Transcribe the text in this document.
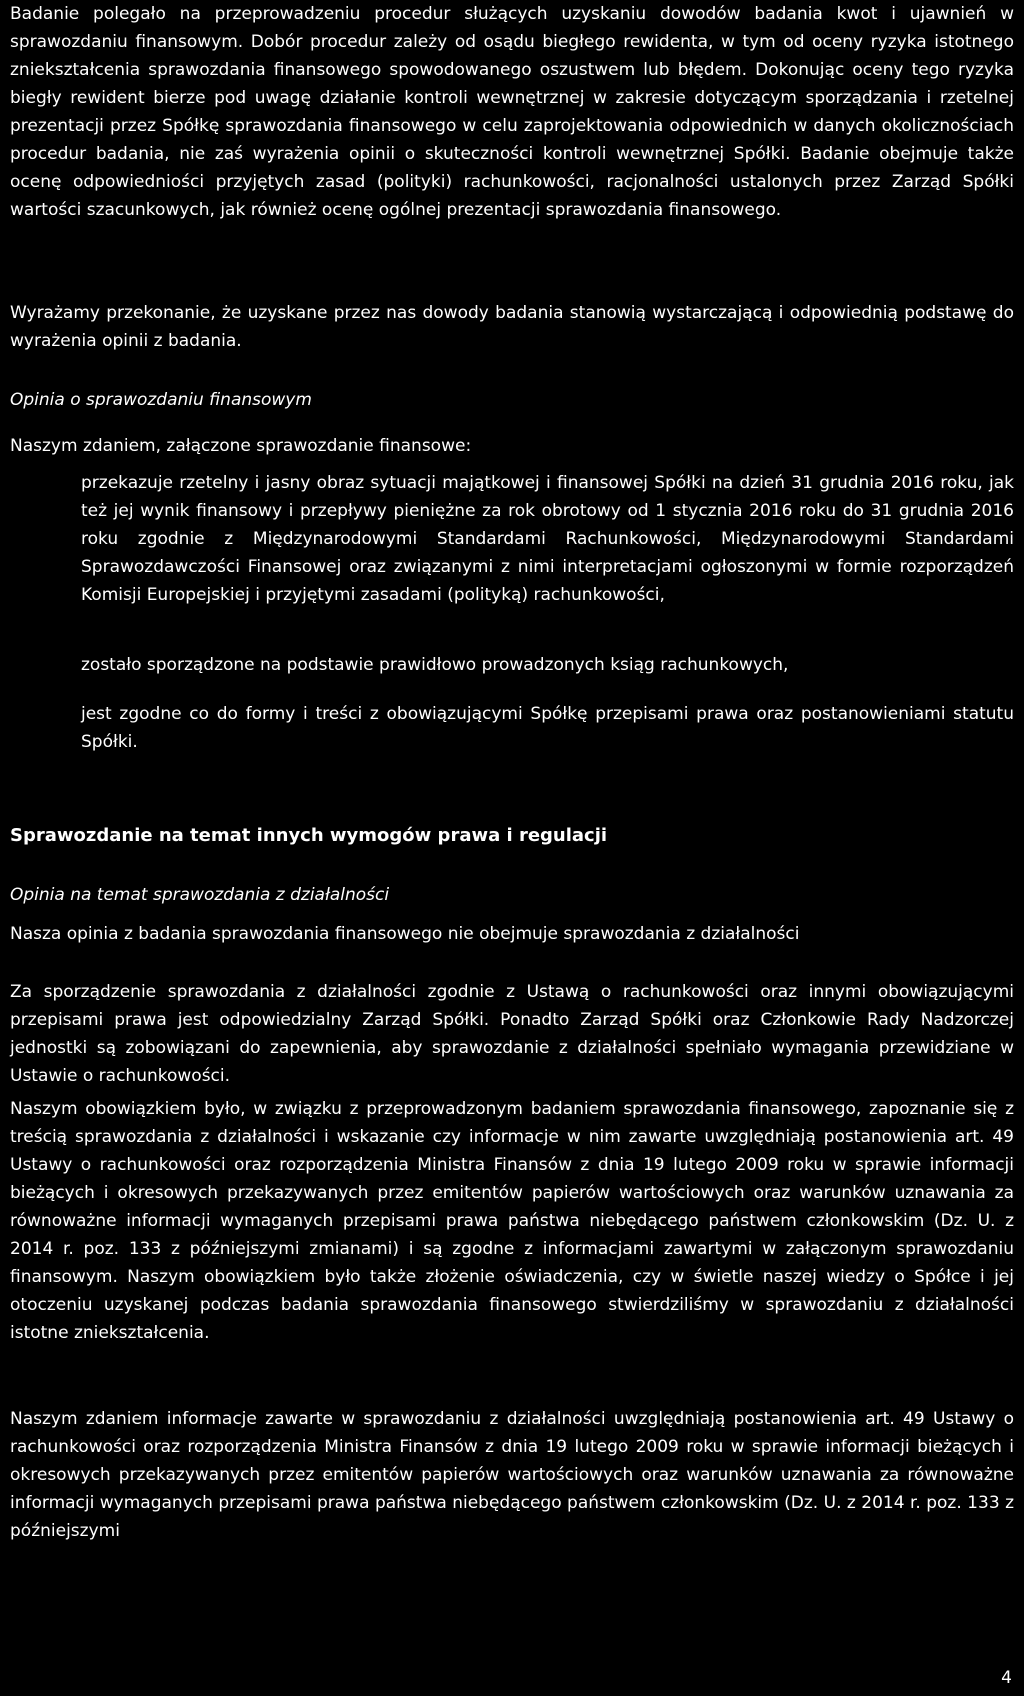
Badanie polegało na przeprowadzeniu procedur służących uzyskaniu dowodów badania kwot i ujawnień w sprawozdaniu finansowym. Dobór procedur zależy od osądu biegłego rewidenta, w tym od oceny ryzyka istotnego zniekształcenia sprawozdania finansowego spowodowanego oszustwem lub błędem. Dokonując oceny tego ryzyka biegły rewident bierze pod uwagę działanie kontroli wewnętrznej w zakresie dotyczącym sporządzania i rzetelnej prezentacji przez Spółkę sprawozdania finansowego w celu zaprojektowania odpowiednich w danych okolicznościach procedur badania, nie zaś wyrażenia opinii o skuteczności kontroli wewnętrznej Spółki. Badanie obejmuje także ocenę odpowiedniości przyjętych zasad (polityki) rachunkowości, racjonalności ustalonych przez Zarząd Spółki wartości szacunkowych, jak również ocenę ogólnej prezentacji sprawozdania finansowego.

Wyrażamy przekonanie, że uzyskane przez nas dowody badania stanowią wystarczającą i odpowiednią podstawę do wyrażenia opinii z badania.

Opinia o sprawozdaniu finansowym

Naszym zdaniem, załączone sprawozdanie finansowe:

przekazuje rzetelny i jasny obraz sytuacji majątkowej i finansowej Spółki na dzień 31 grudnia 2016 roku, jak też jej wynik finansowy i przepływy pieniężne za rok obrotowy od 1 stycznia 2016 roku do 31 grudnia 2016 roku zgodnie z Międzynarodowymi Standardami Rachunkowości, Międzynarodowymi Standardami Sprawozdawczości Finansowej oraz związanymi z nimi interpretacjami ogłoszonymi w formie rozporządzeń Komisji Europejskiej i przyjętymi zasadami (polityką) rachunkowości,

zostało sporządzone na podstawie prawidłowo prowadzonych ksiąg rachunkowych,

jest zgodne co do formy i treści z obowiązującymi Spółkę przepisami prawa oraz postanowieniami statutu Spółki.

Sprawozdanie na temat innych wymogów prawa i regulacji

Opinia na temat sprawozdania z działalności

Nasza opinia z badania sprawozdania finansowego nie obejmuje sprawozdania z działalności

Za sporządzenie sprawozdania z działalności zgodnie z Ustawą o rachunkowości oraz innymi obowiązującymi przepisami prawa jest odpowiedzialny Zarząd Spółki. Ponadto Zarząd Spółki oraz Członkowie Rady Nadzorczej jednostki są zobowiązani do zapewnienia, aby sprawozdanie z działalności spełniało wymagania przewidziane w Ustawie o rachunkowości.

Naszym obowiązkiem było, w związku z przeprowadzonym badaniem sprawozdania finansowego, zapoznanie się z treścią sprawozdania z działalności i wskazanie czy informacje w nim zawarte uwzględniają postanowienia art. 49 Ustawy o rachunkowości oraz rozporządzenia Ministra Finansów z dnia 19 lutego 2009 roku w sprawie informacji bieżących i okresowych przekazywanych przez emitentów papierów wartościowych oraz warunków uznawania za równoważne informacji wymaganych przepisami prawa państwa niebędącego państwem członkowskim (Dz. U. z 2014 r. poz. 133 z późniejszymi zmianami) i są zgodne z informacjami zawartymi w załączonym sprawozdaniu finansowym. Naszym obowiązkiem było także złożenie oświadczenia, czy w świetle naszej wiedzy o Spółce i jej otoczeniu uzyskanej podczas badania sprawozdania finansowego stwierdziliśmy w sprawozdaniu z działalności istotne zniekształcenia.

Naszym zdaniem informacje zawarte w sprawozdaniu z działalności uwzględniają postanowienia art. 49 Ustawy o rachunkowości oraz rozporządzenia Ministra Finansów z dnia 19 lutego 2009 roku w sprawie informacji bieżących i okresowych przekazywanych przez emitentów papierów wartościowych oraz warunków uznawania za równoważne informacji wymaganych przepisami prawa państwa niebędącego państwem członkowskim (Dz. U. z 2014 r. poz. 133 z późniejszymi

4
